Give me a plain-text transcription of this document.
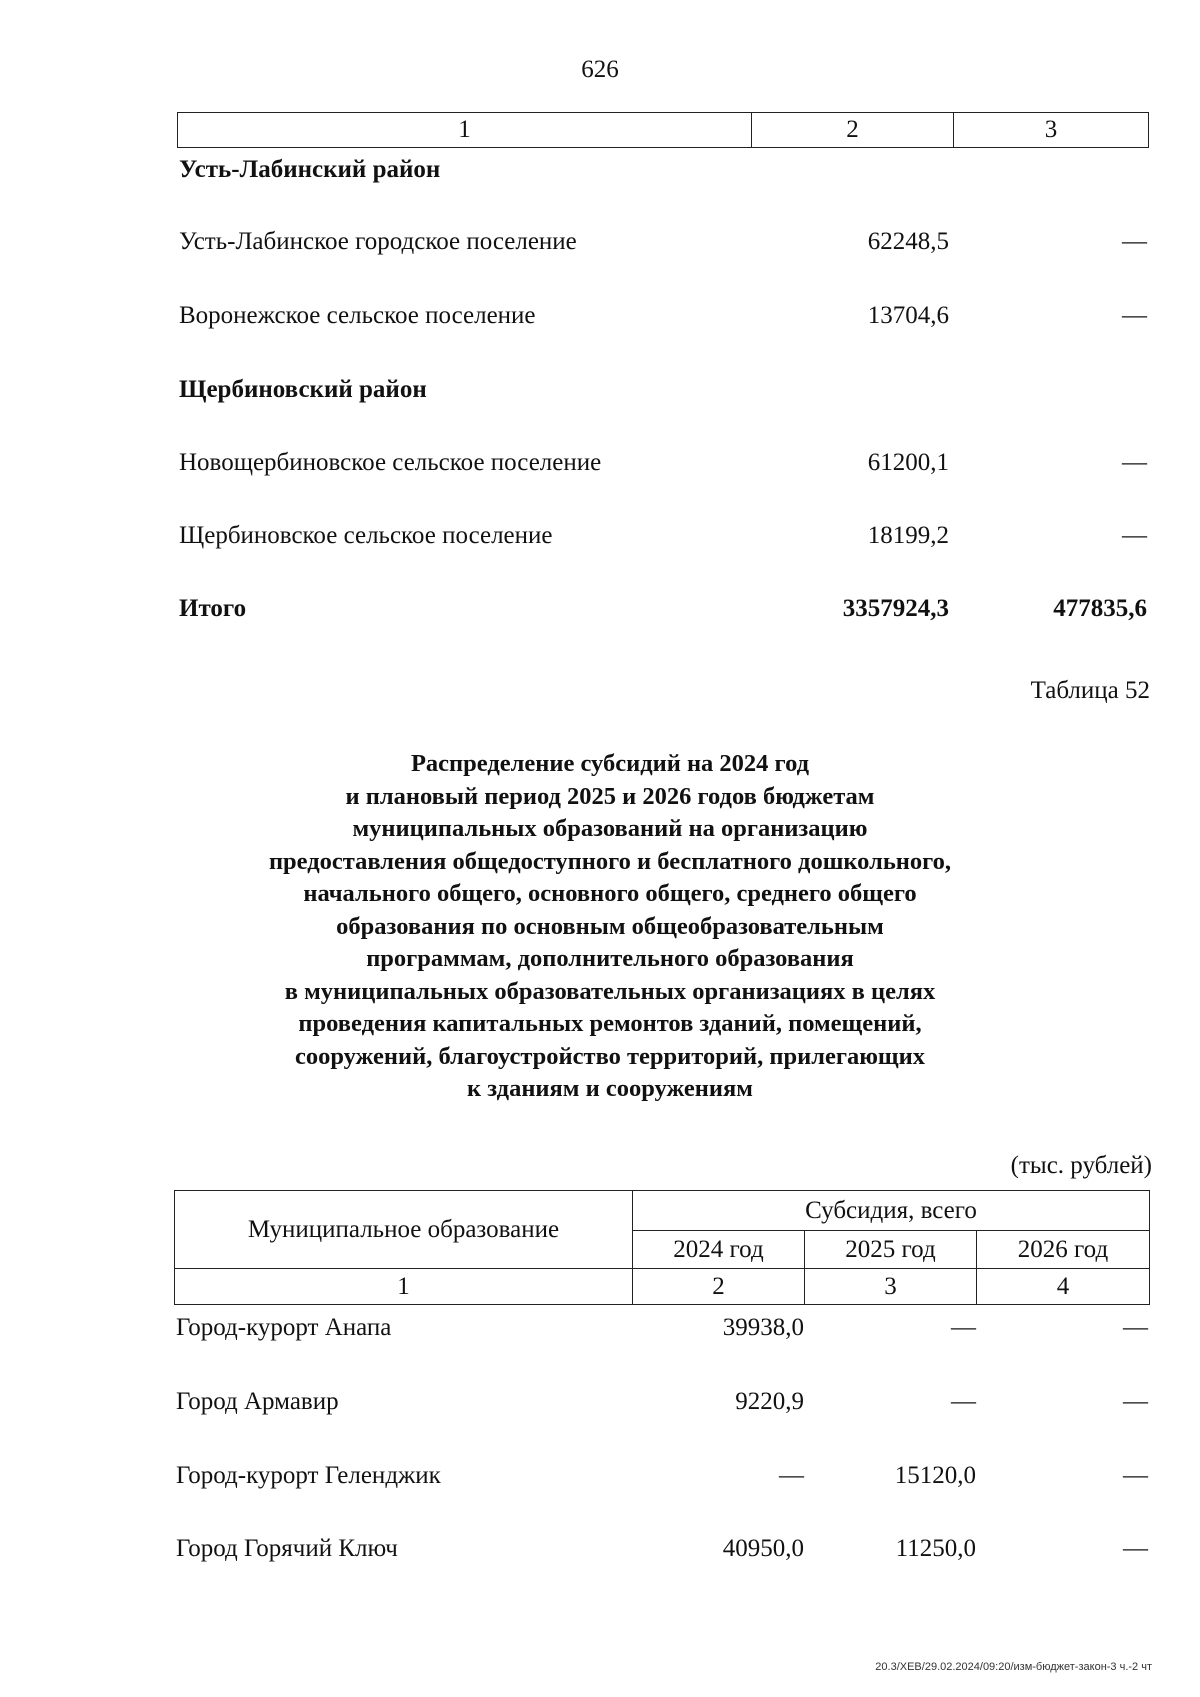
626
1	2	3
Усть-Лабинский район
Усть-Лабинское городское поселение	62248,5	—
Воронежское сельское поселение	13704,6	—
Щербиновский район
Новощербиновское сельское поселение	61200,1	—
Щербиновское сельское поселение	18199,2	—
Итого	3357924,3	477835,6
Таблица 52
Распределение субсидий на 2024 год
и плановый период 2025 и 2026 годов бюджетам
муниципальных образований на организацию
предоставления общедоступного и бесплатного дошкольного,
начального общего, основного общего, среднего общего
образования по основным общеобразовательным
программам, дополнительного образования
в муниципальных образовательных организациях в целях
проведения капитальных ремонтов зданий, помещений,
сооружений, благоустройство территорий, прилегающих
к зданиям и сооружениям
(тыс. рублей)
Муниципальное образование
Субсидия, всего
2024 год	2025 год	2026 год
1	2	3	4
Город-курорт Анапа	39938,0	—	—
Город Армавир	9220,9	—	—
Город-курорт Геленджик	—	15120,0	—
Город Горячий Ключ	40950,0	11250,0	—
20.3/ХЕВ/29.02.2024/09:20/изм-бюджет-закон-3 ч.-2 чт
